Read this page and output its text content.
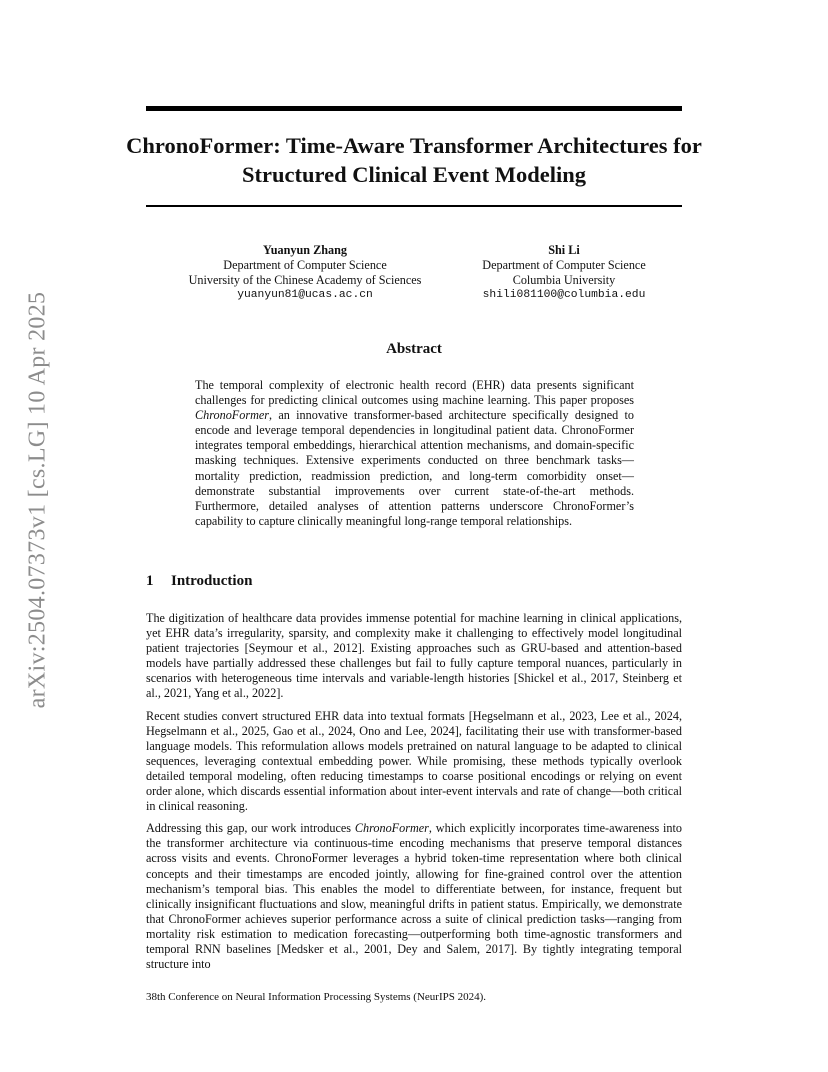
arXiv:2504.07373v1 [cs.LG] 10 Apr 2025
ChronoFormer: Time-Aware Transformer Architectures for Structured Clinical Event Modeling
Yuanyun Zhang
Department of Computer Science
University of the Chinese Academy of Sciences
yuanyun81@ucas.ac.cn
Shi Li
Department of Computer Science
Columbia University
shili081100@columbia.edu
Abstract
The temporal complexity of electronic health record (EHR) data presents significant challenges for predicting clinical outcomes using machine learning. This paper proposes ChronoFormer, an innovative transformer-based architecture specifically designed to encode and leverage temporal dependencies in longitudinal patient data. ChronoFormer integrates temporal embeddings, hierarchical attention mechanisms, and domain-specific masking techniques. Extensive experiments conducted on three benchmark tasks—mortality prediction, readmission prediction, and long-term comorbidity onset—demonstrate substantial improvements over current state-of-the-art methods. Furthermore, detailed analyses of attention patterns underscore ChronoFormer’s capability to capture clinically meaningful long-range temporal relationships.
1 Introduction

The digitization of healthcare data provides immense potential for machine learning in clinical applications, yet EHR data’s irregularity, sparsity, and complexity make it challenging to effectively model longitudinal patient trajectories [Seymour et al., 2012]. Existing approaches such as GRU-based and attention-based models have partially addressed these challenges but fail to fully capture temporal nuances, particularly in scenarios with heterogeneous time intervals and variable-length histories [Shickel et al., 2017, Steinberg et al., 2021, Yang et al., 2022].

Recent studies convert structured EHR data into textual formats [Hegselmann et al., 2023, Lee et al., 2024, Hegselmann et al., 2025, Gao et al., 2024, Ono and Lee, 2024], facilitating their use with transformer-based language models. This reformulation allows models pretrained on natural language to be adapted to clinical sequences, leveraging contextual embedding power. While promising, these methods typically overlook detailed temporal modeling, often reducing timestamps to coarse positional encodings or relying on event order alone, which discards essential information about inter-event intervals and rate of change—both critical in clinical reasoning.

Addressing this gap, our work introduces ChronoFormer, which explicitly incorporates time-awareness into the transformer architecture via continuous-time encoding mechanisms that preserve temporal distances across visits and events. ChronoFormer leverages a hybrid token-time representation where both clinical concepts and their timestamps are encoded jointly, allowing for fine-grained control over the attention mechanism’s temporal bias. This enables the model to differentiate between, for instance, frequent but clinically insignificant fluctuations and slow, meaningful drifts in patient status. Empirically, we demonstrate that ChronoFormer achieves superior performance across a suite of clinical prediction tasks—ranging from mortality risk estimation to medication forecasting—outperforming both time-agnostic transformers and temporal RNN baselines [Medsker et al., 2001, Dey and Salem, 2017]. By tightly integrating temporal structure into

38th Conference on Neural Information Processing Systems (NeurIPS 2024).
